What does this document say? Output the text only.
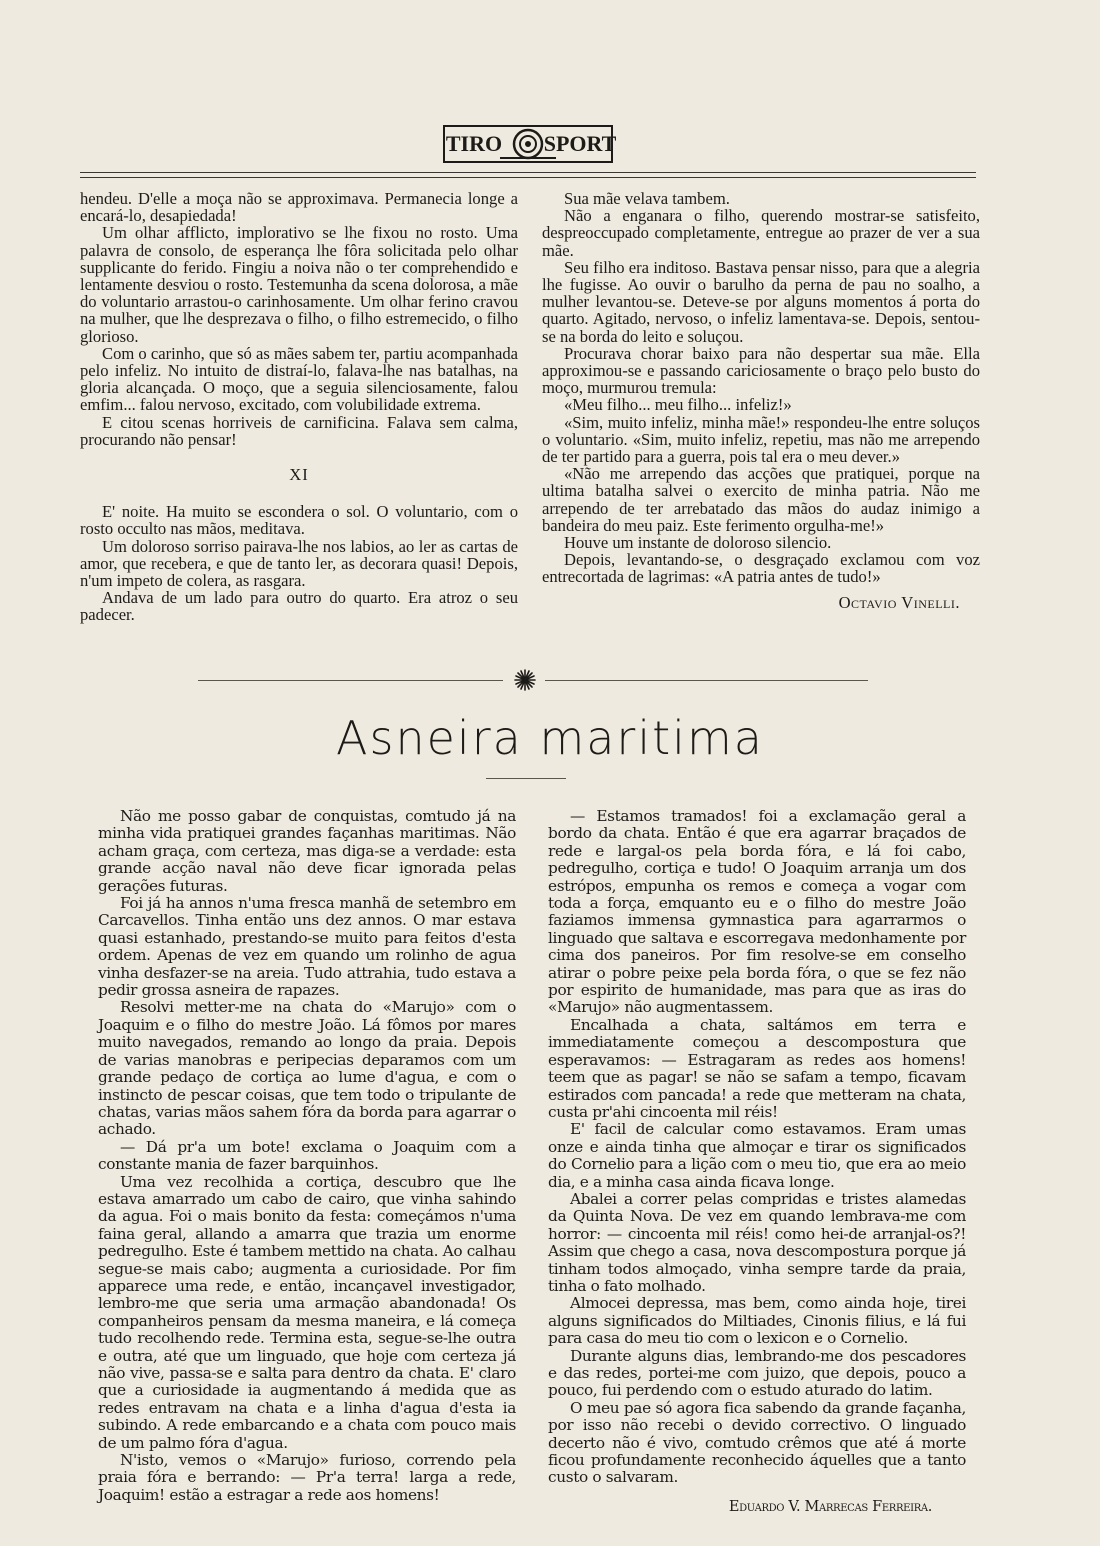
TIRO SPORT

hendeu. D'elle a moça não se approximava. Permanecia longe a encará-lo, desapiedada!

Um olhar afflicto, implorativo se lhe fixou no rosto. Uma palavra de consolo, de esperança lhe fôra solicitada pelo olhar supplicante do ferido. Fingiu a noiva não o ter comprehendido e lentamente desviou o rosto. Testemunha da scena dolorosa, a mãe do voluntario arrastou-o carinhosamente. Um olhar ferino cravou na mulher, que lhe desprezava o filho, o filho estremecido, o filho glorioso.

Com o carinho, que só as mães sabem ter, partiu acompanhada pelo infeliz. No intuito de distraí-lo, falava-lhe nas batalhas, na gloria alcançada. O moço, que a seguia silenciosamente, falou emfim... falou nervoso, excitado, com volubilidade extrema.

E citou scenas horriveis de carnificina. Falava sem calma, procurando não pensar!

XI

E' noite. Ha muito se escondera o sol. O voluntario, com o rosto occulto nas mãos, meditava.

Um doloroso sorriso pairava-lhe nos labios, ao ler as cartas de amor, que recebera, e que de tanto ler, as decorara quasi! Depois, n'um impeto de colera, as rasgara.

Andava de um lado para outro do quarto. Era atroz o seu padecer.

Sua mãe velava tambem.

Não a enganara o filho, querendo mostrar-se satisfeito, despreoccupado completamente, entregue ao prazer de ver a sua mãe.

Seu filho era inditoso. Bastava pensar nisso, para que a alegria lhe fugisse. Ao ouvir o barulho da perna de pau no soalho, a mulher levantou-se. Deteve-se por alguns momentos á porta do quarto. Agitado, nervoso, o infeliz lamentava-se. Depois, sentou-se na borda do leito e soluçou.

Procurava chorar baixo para não despertar sua mãe. Ella approximou-se e passando cariciosamente o braço pelo busto do moço, murmurou tremula:

«Meu filho... meu filho... infeliz!»

«Sim, muito infeliz, minha mãe!» respondeu-lhe entre soluços o voluntario. «Sim, muito infeliz, repetiu, mas não me arrependo de ter partido para a guerra, pois tal era o meu dever.»

«Não me arrependo das acções que pratiquei, porque na ultima batalha salvei o exercito de minha patria. Não me arrependo de ter arrebatado das mãos do audaz inimigo a bandeira do meu paiz. Este ferimento orgulha-me!»

Houve um instante de doloroso silencio.

Depois, levantando-se, o desgraçado exclamou com voz entrecortada de lagrimas: «A patria antes de tudo!»

Octavio Vinelli.

Asneira maritima

Não me posso gabar de conquistas, comtudo já na minha vida pratiquei grandes façanhas maritimas. Não acham graça, com certeza, mas diga-se a verdade: esta grande acção naval não deve ficar ignorada pelas gerações futuras.

Foi já ha annos n'uma fresca manhã de setembro em Carcavellos. Tinha então uns dez annos. O mar estava quasi estanhado, prestando-se muito para feitos d'esta ordem. Apenas de vez em quando um rolinho de agua vinha desfazer-se na areia. Tudo attrahia, tudo estava a pedir grossa asneira de rapazes.

Resolvi metter-me na chata do «Marujo» com o Joaquim e o filho do mestre João. Lá fômos por mares muito navegados, remando ao longo da praia. Depois de varias manobras e peripecias deparamos com um grande pedaço de cortiça ao lume d'agua, e com o instincto de pescar coisas, que tem todo o tripulante de chatas, varias mãos sahem fóra da borda para agarrar o achado.

— Dá pr'a um bote! exclama o Joaquim com a constante mania de fazer barquinhos.

Uma vez recolhida a cortiça, descubro que lhe estava amarrado um cabo de cairo, que vinha sahindo da agua. Foi o mais bonito da festa: começámos n'uma faina geral, allando a amarra que trazia um enorme pedregulho. Este é tambem mettido na chata. Ao calhau segue-se mais cabo; augmenta a curiosidade. Por fim apparece uma rede, e então, incançavel investigador, lembro-me que seria uma armação abandonada! Os companheiros pensam da mesma maneira, e lá começa tudo recolhendo rede. Termina esta, segue-se-lhe outra e outra, até que um linguado, que hoje com certeza já não vive, passa-se e salta para dentro da chata. E' claro que a curiosidade ia augmentando á medida que as redes entravam na chata e a linha d'agua d'esta ia subindo. A rede embarcando e a chata com pouco mais de um palmo fóra d'agua.

N'isto, vemos o «Marujo» furioso, correndo pela praia fóra e berrando: — Pr'a terra! larga a rede, Joaquim! estão a estragar a rede aos homens!

— Estamos tramados! foi a exclamação geral a bordo da chata. Então é que era agarrar braçados de rede e largal-os pela borda fóra, e lá foi cabo, pedregulho, cortiça e tudo! O Joaquim arranja um dos estrópos, empunha os remos e começa a vogar com toda a força, emquanto eu e o filho do mestre João faziamos immensa gymnastica para agarrarmos o linguado que saltava e escorregava medonhamente por cima dos paneiros. Por fim resolve-se em conselho atirar o pobre peixe pela borda fóra, o que se fez não por espirito de humanidade, mas para que as iras do «Marujo» não augmentassem.

Encalhada a chata, saltámos em terra e immediatamente começou a descompostura que esperavamos: — Estragaram as redes aos homens! teem que as pagar! se não se safam a tempo, ficavam estirados com pancada! a rede que metteram na chata, custa pr'ahi cincoenta mil réis!

E' facil de calcular como estavamos. Eram umas onze e ainda tinha que almoçar e tirar os significados do Cornelio para a lição com o meu tio, que era ao meio dia, e a minha casa ainda ficava longe.

Abalei a correr pelas compridas e tristes alamedas da Quinta Nova. De vez em quando lembrava-me com horror: — cincoenta mil réis! como hei-de arranjal-os?! Assim que chego a casa, nova descompostura porque já tinham todos almoçado, vinha sempre tarde da praia, tinha o fato molhado.

Almocei depressa, mas bem, como ainda hoje, tirei alguns significados do Miltiades, Cinonis filius, e lá fui para casa do meu tio com o lexicon e o Cornelio.

Durante alguns dias, lembrando-me dos pescadores e das redes, portei-me com juizo, que depois, pouco a pouco, fui perdendo com o estudo aturado do latim.

O meu pae só agora fica sabendo da grande façanha, por isso não recebi o devido correctivo. O linguado decerto não é vivo, comtudo crêmos que até á morte ficou profundamente reconhecido áquelles que a tanto custo o salvaram.

Eduardo V. Marrecas Ferreira.
